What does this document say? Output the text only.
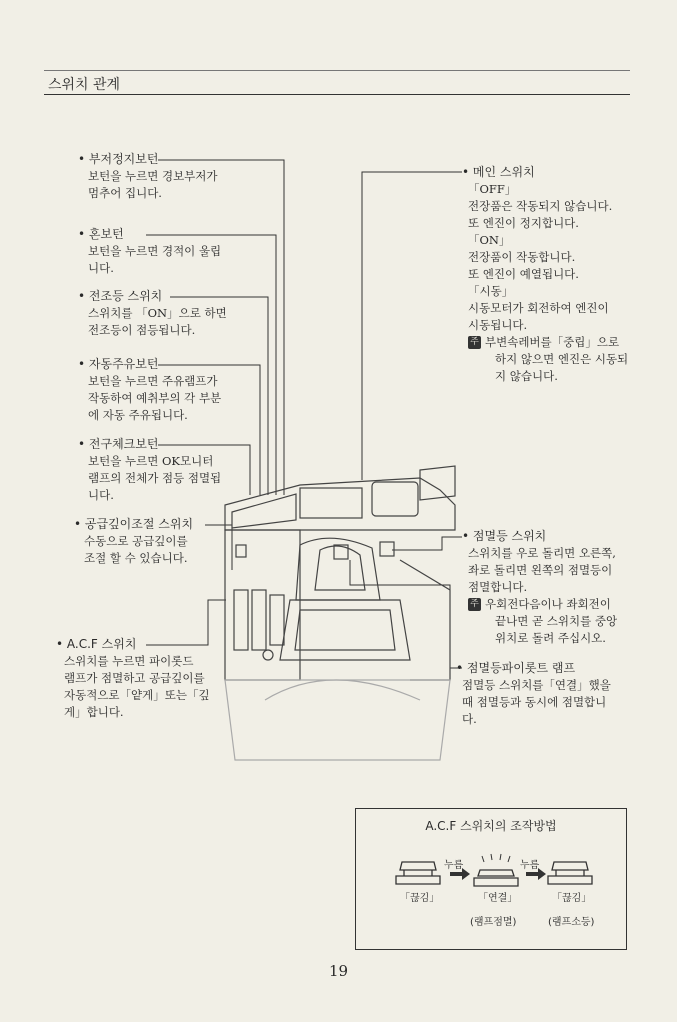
스위치 관계
• 부저정지보턴
보턴을 누르면 경보부저가
멈추어 집니다.
• 혼보턴
보턴을 누르면 경적이 울립
니다.
• 전조등 스위치
스위치를 「ON」으로 하면
전조등이 점등됩니다.
• 자동주유보턴
보턴을 누르면 주유램프가
작동하여 예취부의 각 부분
에 자동 주유됩니다.
• 전구체크보턴
보턴을 누르면 OK모니터
램프의 전체가 점등 점멸됩
니다.
• 공급깊이조절 스위치
수동으로 공급깊이를
조절 할 수 있습니다.
• A.C.F 스위치
스위치를 누르면 파이롯드
램프가 점멸하고 공급깊이를
자동적으로「얕게」또는「깊
게」합니다.
• 메인 스위치
「OFF」
전장품은 작동되지 않습니다.
또 엔진이 정지합니다.
「ON」
전장품이 작동합니다.
또 엔진이 예열됩니다.
「시동」
시동모터가 회전하여 엔진이
시동됩니다.
주 부변속레버를「중립」으로
하지 않으면 엔진은 시동되
지 않습니다.
• 점멸등 스위치
스위치를 우로 돌리면 오른쪽,
좌로 돌리면 왼쪽의 점멸등이
점멸합니다.
주 우회전다음이나 좌회전이
끝나면 곧 스위치를 중앙
위치로 돌려 주십시오.
• 점멸등파이롯트 램프
점멸등 스위치를「연결」했을
때 점멸등과 동시에 점멸합니
다.
A.C.F 스위치의 조작방법
누름	누름
「끊김」	「연결」	「끊김」
(램프점멸)	(램프소등)
19
